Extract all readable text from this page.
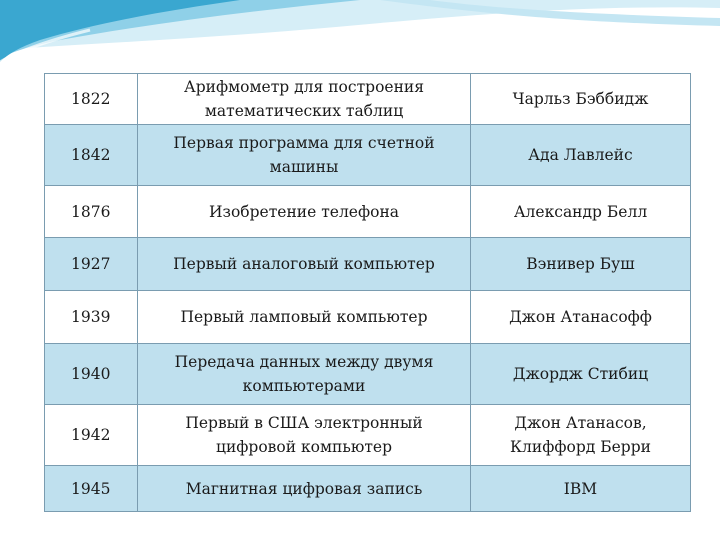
1822	Арифмометр для построения математических таблиц	Чарльз Бэббидж
1842	Первая программа для счетной машины	Ада Лавлейс
1876	Изобретение телефона	Александр Белл
1927	Первый аналоговый компьютер	Вэнивер Буш
1939	Первый ламповый компьютер	Джон Атанасофф
1940	Передача данных между двумя компьютерами	Джордж Стибиц
1942	Первый в США электронный цифровой компьютер	Джон Атанасов, Клиффорд Берри
1945	Магнитная цифровая запись	IBM
